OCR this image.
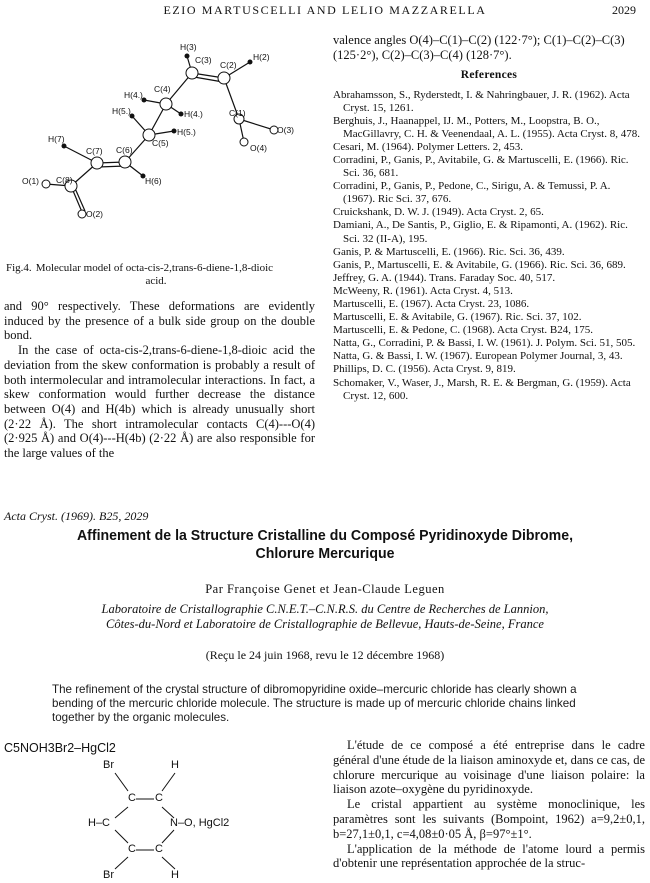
EZIO MARTUSCELLI AND LELIO MAZZARELLA	2029
H(3)
C(3)	H(2)
C(2)
H(4.)
C(4)
H(5.)	H(4.)	C(1)
O(3)
H(5.)
C(5)	O(4)
H(7)
C(7) C(6)
O(1) C(8)	H(6)
O(2)
Fig.4. Molecular model of octa-cis-2,trans-6-diene-1,8-dioic
acid.

and 90° respectively. These deformations are evidently induced by the presence of a bulk side group on the double bond.

In the case of octa-cis-2,trans-6-diene-1,8-dioic acid the deviation from the skew conformation is probably a result of both intermolecular and intramolecular interactions. In fact, a skew conformation would further decrease the distance between O(4) and H(4b) which is already unusually short (2·22 Å). The short intramolecular contacts C(4)---O(4) (2·925 Å) and O(4)---H(4b) (2·22 Å) are also responsible for the large values of the

valence angles O(4)–C(1)–C(2) (122·7°); C(1)–C(2)–C(3) (125·2°), C(2)–C(3)–C(4) (128·7°).

References

Abrahamsson, S., Ryderstedt, I. & Nahringbauer, J. R. (1962). Acta Cryst. 15, 1261.
Berghuis, J., Haanappel, IJ. M., Potters, M., Loopstra, B. O., MacGillavry, C. H. & Veenendaal, A. L. (1955). Acta Cryst. 8, 478.
Cesari, M. (1964). Polymer Letters. 2, 453.
Corradini, P., Ganis, P., Avitabile, G. & Martuscelli, E. (1966). Ric. Sci. 36, 681.
Corradini, P., Ganis, P., Pedone, C., Sirigu, A. & Temussi, P. A. (1967). Ric Sci. 37, 676.
Cruickshank, D. W. J. (1949). Acta Cryst. 2, 65.
Damiani, A., De Santis, P., Giglio, E. & Ripamonti, A. (1962). Ric. Sci. 32 (II-A), 195.
Ganis, P. & Martuscelli, E. (1966). Ric. Sci. 36, 439.
Ganis, P., Martuscelli, E. & Avitabile, G. (1966). Ric. Sci. 36, 689.
Jeffrey, G. A. (1944). Trans. Faraday Soc. 40, 517.
McWeeny, R. (1961). Acta Cryst. 4, 513.
Martuscelli, E. (1967). Acta Cryst. 23, 1086.
Martuscelli, E. & Avitabile, G. (1967). Ric. Sci. 37, 102.
Martuscelli, E. & Pedone, C. (1968). Acta Cryst. B24, 175.
Natta, G., Corradini, P. & Bassi, I. W. (1961). J. Polym. Sci. 51, 505.
Natta, G. & Bassi, I. W. (1967). European Polymer Journal, 3, 43.
Phillips, D. C. (1956). Acta Cryst. 9, 819.
Schomaker, V., Waser, J., Marsh, R. E. & Bergman, G. (1959). Acta Cryst. 12, 600.
Acta Cryst. (1969). B25, 2029
Affinement de la Structure Cristalline du Composé Pyridinoxyde Dibrome,
Chlorure Mercurique
Par Françoise Genet et Jean-Claude Leguen
Laboratoire de Cristallographie C.N.E.T.–C.N.R.S. du Centre de Recherches de Lannion,
Côtes-du-Nord et Laboratoire de Cristallographie de Bellevue, Hauts-de-Seine, France
(Reçu le 24 juin 1968, revu le 12 décembre 1968)
The refinement of the crystal structure of dibromopyridine oxide–mercuric chloride has clearly shown a bending of the mercuric chloride molecule. The structure is made up of mercuric chloride chains linked together by the organic molecules.
C5NOH3Br2–HgCl2
Br	H
C C
H–C	N–O, HgCl2
C C
Br	H

L'étude de ce composé a été entreprise dans le cadre général d'une étude de la liaison aminoxyde et, dans ce cas, de chlorure mercurique au voisinage d'une liaison polaire: la liaison azote–oxygène du pyridinoxyde.

Le cristal appartient au système monoclinique, les paramètres sont les suivants (Bompoint, 1962) a=9,2±0,1, b=27,1±0,1, c=4,08±0·05 Å, β=97°±1°.

L'application de la méthode de l'atome lourd a permis d'obtenir une représentation approchée de la struc-
